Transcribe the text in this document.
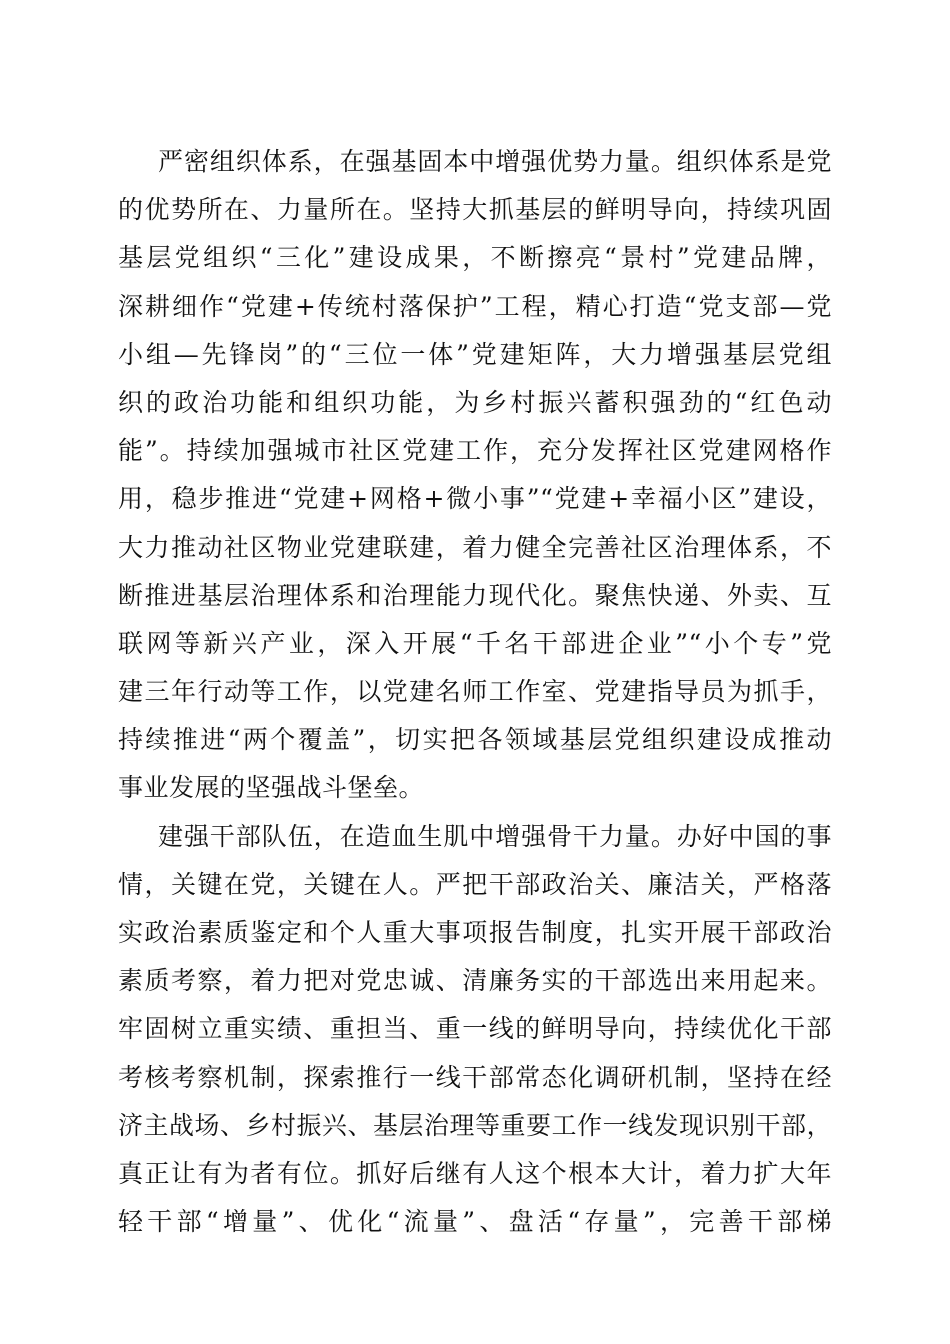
严密组织体系，在强基固本中增强优势力量。组织体系是党
的优势所在、力量所在。坚持大抓基层的鲜明导向，持续巩固
基层党组织“三化”建设成果，不断擦亮“景村”党建品牌，
深耕细作“党建+传统村落保护”工程，精心打造“党支部—党
小组—先锋岗”的“三位一体”党建矩阵，大力增强基层党组
织的政治功能和组织功能，为乡村振兴蓄积强劲的“红色动
能”。持续加强城市社区党建工作，充分发挥社区党建网格作
用，稳步推进“党建+网格+微小事”“党建+幸福小区”建设，
大力推动社区物业党建联建，着力健全完善社区治理体系，不
断推进基层治理体系和治理能力现代化。聚焦快递、外卖、互
联网等新兴产业，深入开展“千名干部进企业”“小个专”党
建三年行动等工作，以党建名师工作室、党建指导员为抓手，
持续推进“两个覆盖”，切实把各领域基层党组织建设成推动
事业发展的坚强战斗堡垒。

建强干部队伍，在造血生肌中增强骨干力量。办好中国的事
情，关键在党，关键在人。严把干部政治关、廉洁关，严格落
实政治素质鉴定和个人重大事项报告制度，扎实开展干部政治
素质考察，着力把对党忠诚、清廉务实的干部选出来用起来。
牢固树立重实绩、重担当、重一线的鲜明导向，持续优化干部
考核考察机制，探索推行一线干部常态化调研机制，坚持在经
济主战场、乡村振兴、基层治理等重要工作一线发现识别干部，
真正让有为者有位。抓好后继有人这个根本大计，着力扩大年
轻干部“增量”、优化“流量”、盘活“存量”，完善干部梯
